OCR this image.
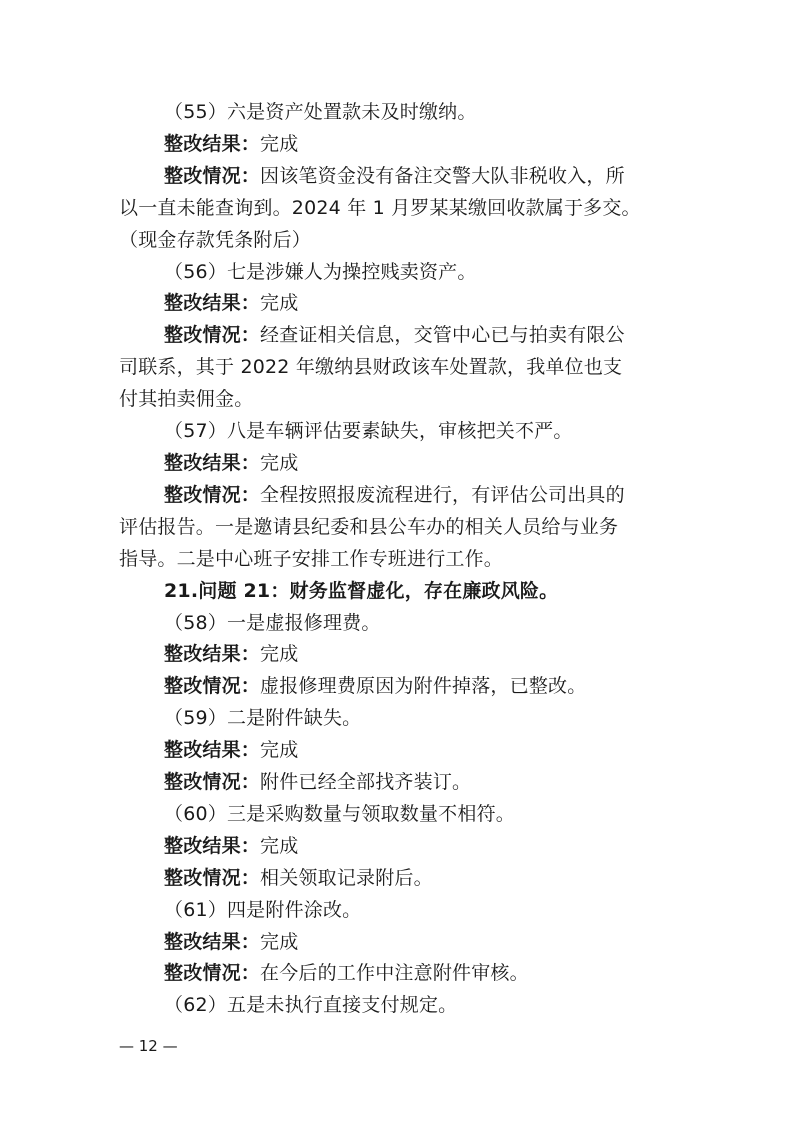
（55）六是资产处置款未及时缴纳。

整改结果：完成

整改情况：因该笔资金没有备注交警大队非税收入，所

以一直未能查询到。2024 年 1 月罗某某缴回收款属于多交。

（现金存款凭条附后）

（56）七是涉嫌人为操控贱卖资产。

整改结果：完成

整改情况：经查证相关信息，交管中心已与拍卖有限公

司联系，其于 2022 年缴纳县财政该车处置款，我单位也支

付其拍卖佣金。

（57）八是车辆评估要素缺失，审核把关不严。

整改结果：完成

整改情况：全程按照报废流程进行，有评估公司出具的

评估报告。一是邀请县纪委和县公车办的相关人员给与业务

指导。二是中心班子安排工作专班进行工作。

21.问题 21：财务监督虚化，存在廉政风险。

（58）一是虚报修理费。

整改结果：完成

整改情况：虚报修理费原因为附件掉落，已整改。

（59）二是附件缺失。

整改结果：完成

整改情况：附件已经全部找齐装订。

（60）三是采购数量与领取数量不相符。

整改结果：完成

整改情况：相关领取记录附后。

（61）四是附件涂改。

整改结果：完成

整改情况：在今后的工作中注意附件审核。

（62）五是未执行直接支付规定。

— 12 —
